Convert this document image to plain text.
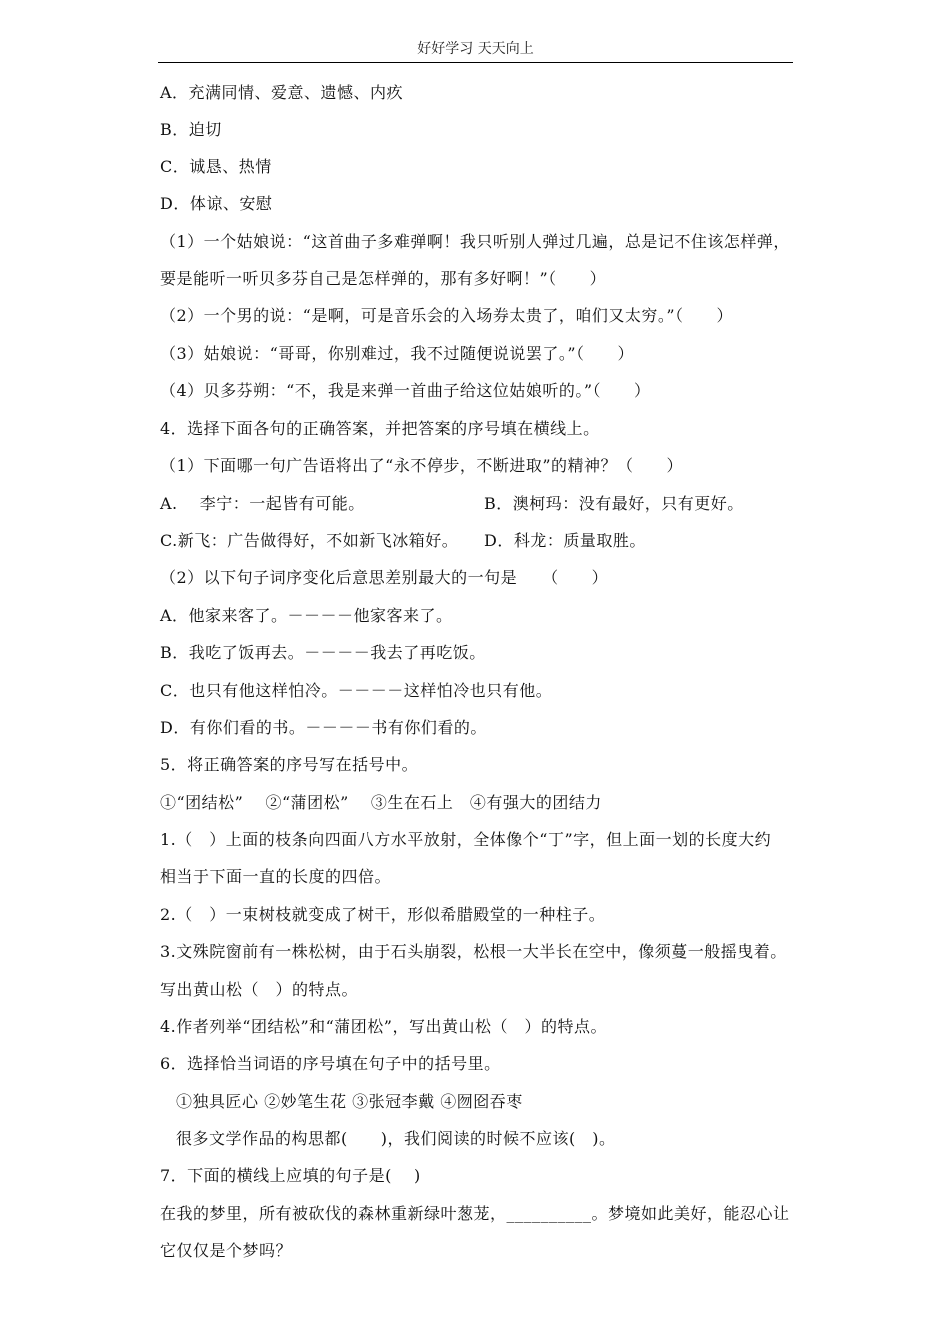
好好学习 天天向上
A．充满同情、爱意、遗憾、内疚
B．迫切
C．诚恳、热情
D．体谅、安慰
（1）一个姑娘说：“这首曲子多难弹啊！我只听别人弹过几遍，总是记不住该怎样弹，
要是能听一听贝多芬自己是怎样弹的，那有多好啊！”（　　）
（2）一个男的说：“是啊，可是音乐会的入场券太贵了，咱们又太穷。”（　　）
（3）姑娘说：“哥哥，你别难过，我不过随便说说罢了。”（　　）
（4）贝多芬朔：“不，我是来弹一首曲子给这位姑娘听的。”（　　）
4．选择下面各句的正确答案，并把答案的序号填在横线上。
（1）下面哪一句广告语将出了“永不停步，不断进取”的精神？（　　）
A.　 李宁：一起皆有可能。	B．澳柯玛：没有最好，只有更好。
C.新飞：广告做得好，不如新飞冰箱好。 D．科龙：质量取胜。
（2）以下句子词序变化后意思差别最大的一句是　　（　　）
A．他家来客了。－－－－他家客来了。
B．我吃了饭再去。－－－－我去了再吃饭。
C．也只有他这样怕冷。－－－－这样怕冷也只有他。
D．有你们看的书。－－－－书有你们看的。
5．将正确答案的序号写在括号中。
①“团结松”　 ②“蒲团松”　 ③生在石上　④有强大的团结力
1.（　）上面的枝条向四面八方水平放射，全体像个“丁”字，但上面一划的长度大约
相当于下面一直的长度的四倍。
2.（　）一束树枝就变成了树干，形似希腊殿堂的一种柱子。
3.文殊院窗前有一株松树，由于石头崩裂，松根一大半长在空中，像须蔓一般摇曳着。
写出黄山松（　）的特点。
4.作者列举“团结松”和“蒲团松”，写出黄山松（　）的特点。
6．选择恰当词语的序号填在句子中的括号里。
①独具匠心 ②妙笔生花 ③张冠李戴 ④囫囵吞枣
很多文学作品的构思都(　　)，我们阅读的时候不应该(　)。
7．下面的横线上应填的句子是(　 )
在我的梦里，所有被砍伐的森林重新绿叶葱茏，__________。梦境如此美好，能忍心让
它仅仅是个梦吗？
